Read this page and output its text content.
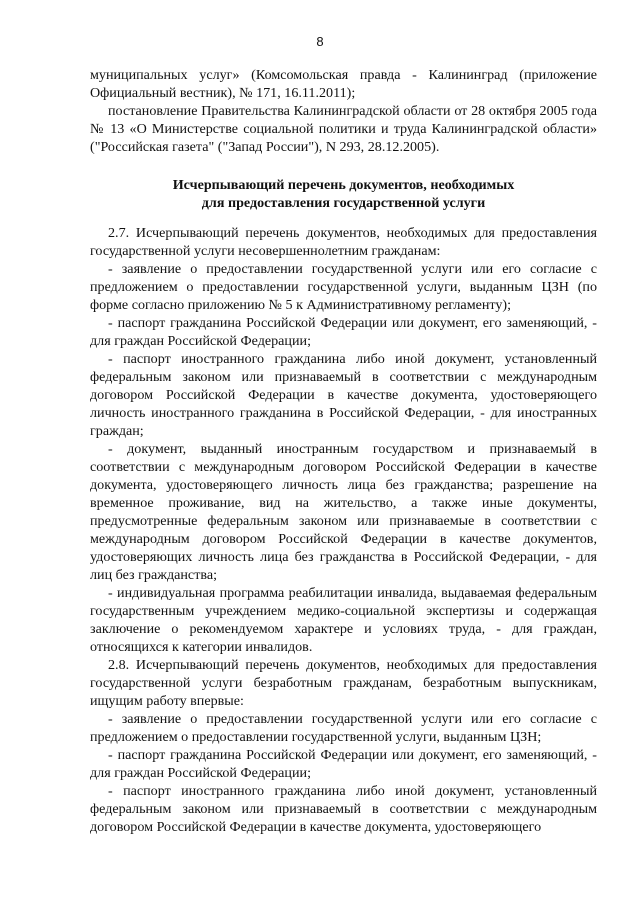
8

муниципальных услуг» (Комсомольская правда - Калининград (приложение Официальный вестник), № 171, 16.11.2011);

постановление Правительства Калининградской области от 28 октября 2005 года № 13 «О Министерстве социальной политики и труда Калининградской области» ("Российская газета" ("Запад России"), N 293, 28.12.2005).

Исчерпывающий перечень документов, необходимых
для предоставления государственной услуги

2.7. Исчерпывающий перечень документов, необходимых для предоставления государственной услуги несовершеннолетним гражданам:

- заявление о предоставлении государственной услуги или его согласие с предложением о предоставлении государственной услуги, выданным ЦЗН (по форме согласно приложению № 5 к Административному регламенту);

- паспорт гражданина Российской Федерации или документ, его заменяющий, - для граждан Российской Федерации;

- паспорт иностранного гражданина либо иной документ, установленный федеральным законом или признаваемый в соответствии с международным договором Российской Федерации в качестве документа, удостоверяющего личность иностранного гражданина в Российской Федерации, - для иностранных граждан;

- документ, выданный иностранным государством и признаваемый в соответствии с международным договором Российской Федерации в качестве документа, удостоверяющего личность лица без гражданства; разрешение на временное проживание, вид на жительство, а также иные документы, предусмотренные федеральным законом или признаваемые в соответствии с международным договором Российской Федерации в качестве документов, удостоверяющих личность лица без гражданства в Российской Федерации, - для лиц без гражданства;

- индивидуальная программа реабилитации инвалида, выдаваемая федеральным государственным учреждением медико-социальной экспертизы и содержащая заключение о рекомендуемом характере и условиях труда, - для граждан, относящихся к категории инвалидов.

2.8. Исчерпывающий перечень документов, необходимых для предоставления государственной услуги безработным гражданам, безработным выпускникам, ищущим работу впервые:

- заявление о предоставлении государственной услуги или его согласие с предложением о предоставлении государственной услуги, выданным ЦЗН;

- паспорт гражданина Российской Федерации или документ, его заменяющий, - для граждан Российской Федерации;

- паспорт иностранного гражданина либо иной документ, установленный федеральным законом или признаваемый в соответствии с международным договором Российской Федерации в качестве документа, удостоверяющего
